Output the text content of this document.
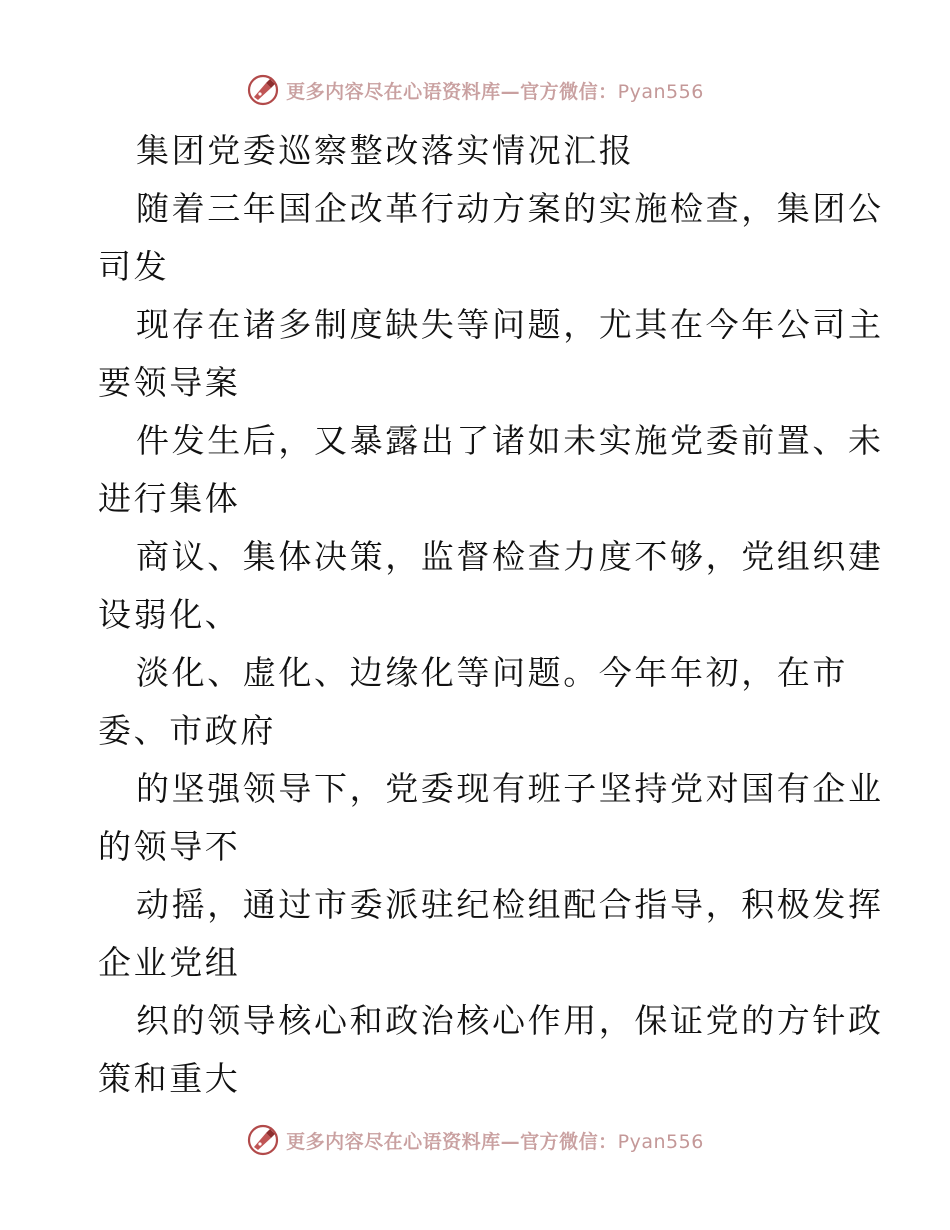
更多内容尽在心语资料库—官方微信：Pyan556
集团党委巡察整改落实情况汇报
随着三年国企改革行动方案的实施检查，集团公
司发
现存在诸多制度缺失等问题，尤其在今年公司主
要领导案
件发生后，又暴露出了诸如未实施党委前置、未
进行集体
商议、集体决策，监督检查力度不够，党组织建
设弱化、
淡化、虚化、边缘化等问题。今年年初，在市
委、市政府
的坚强领导下，党委现有班子坚持党对国有企业
的领导不
动摇，通过市委派驻纪检组配合指导，积极发挥
企业党组
织的领导核心和政治核心作用，保证党的方针政
策和重大
更多内容尽在心语资料库—官方微信：Pyan556
